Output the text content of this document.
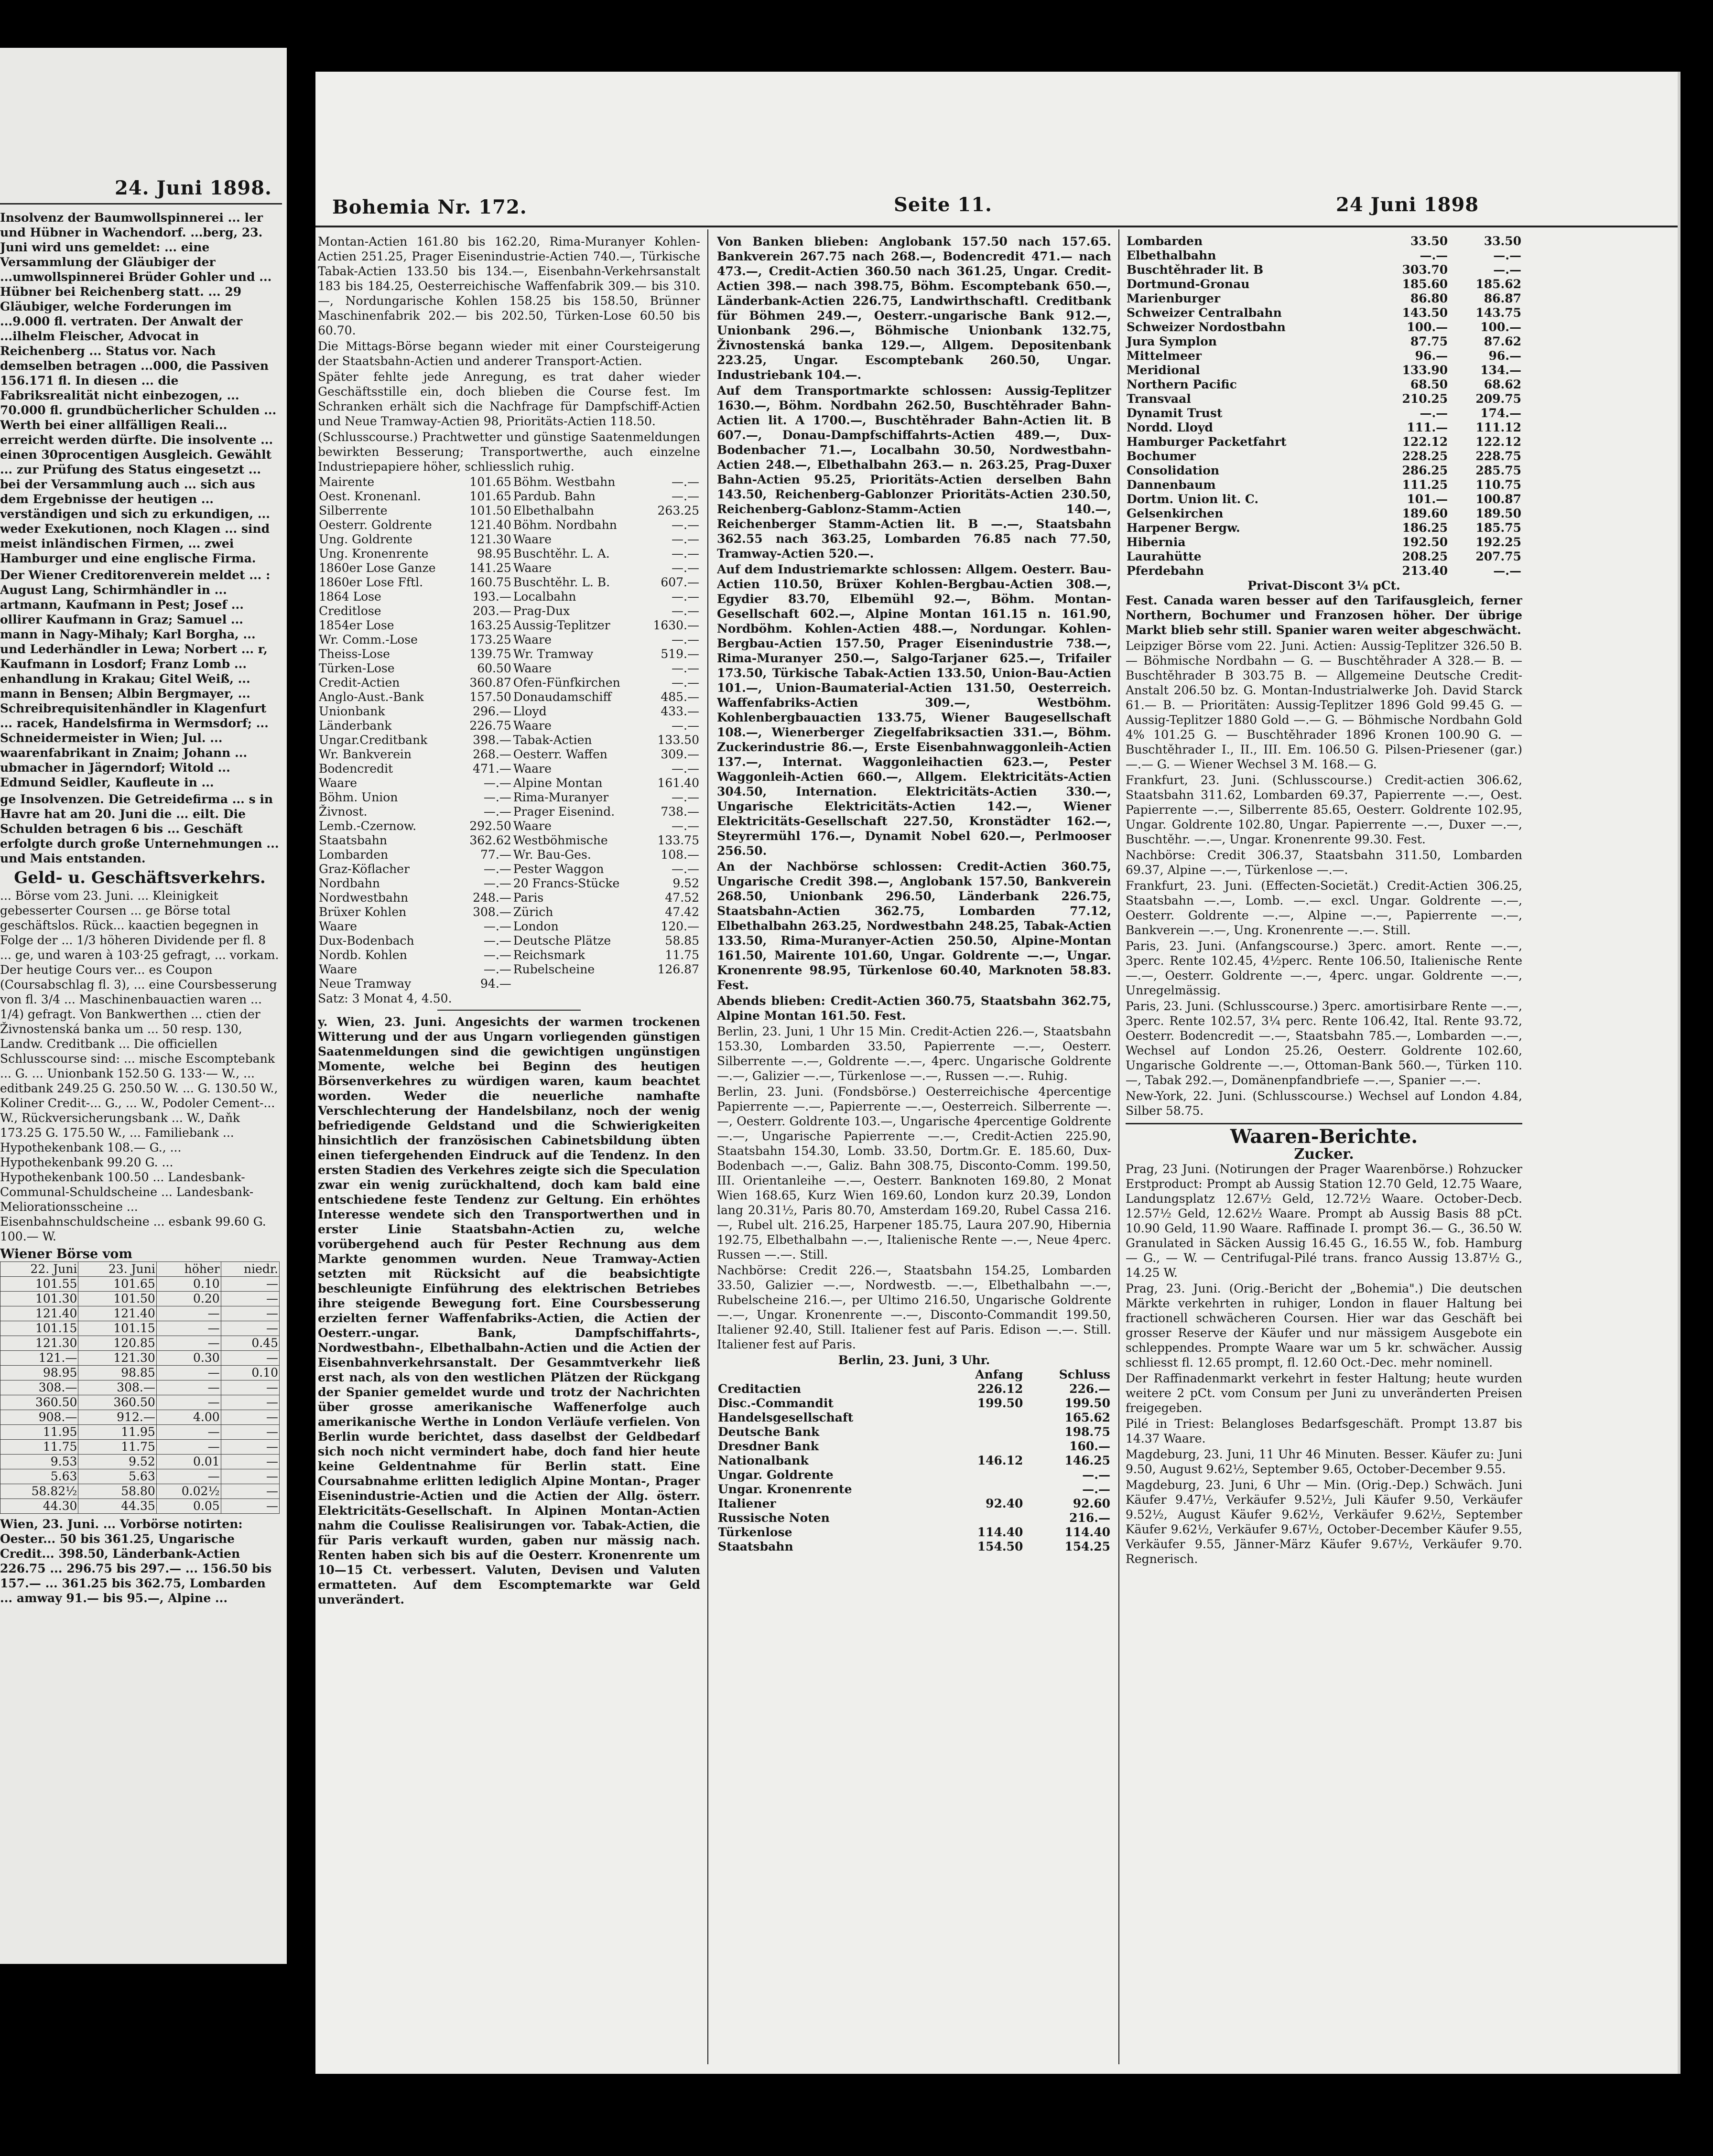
24. Juni 1898.

Insolvenz der Baumwollspinnerei ... ler und Hübner in Wachendorf. ...berg, 23. Juni wird uns gemeldet: ... eine Versammlung der Gläubiger der ...umwollspinnerei Brüder Gohler und ... Hübner bei Reichenberg statt. ... 29 Gläubiger, welche Forderungen im ...9.000 fl. vertraten. Der Anwalt der ...ilhelm Fleischer, Advocat in Reichenberg ... Status vor. Nach demselben betragen ...000, die Passiven 156.171 fl. In diesen ... die Fabriksrealität nicht einbezogen, ... 70.000 fl. grundbücherlicher Schulden ... Werth bei einer allfälligen Reali... erreicht werden dürfte. Die insolvente ... einen 30procentigen Ausgleich. Gewählt ... zur Prüfung des Status eingesetzt ... bei der Versammlung auch ... sich aus dem Ergebnisse der heutigen ... verständigen und sich zu erkundigen, ... weder Exekutionen, noch Klagen ... sind meist inländischen Firmen, ... zwei Hamburger und eine englische Firma.

Der Wiener Creditorenverein meldet ... : August Lang, Schirmhändler in ... artmann, Kaufmann in Pest; Josef ... ollirer Kaufmann in Graz; Samuel ... mann in Nagy-Mihaly; Karl Borgha, ... und Lederhändler in Lewa; Norbert ... r, Kaufmann in Losdorf; Franz Lomb ... enhandlung in Krakau; Gitel Weiß, ... mann in Bensen; Albin Bergmayer, ... Schreibrequisitenhändler in Klagenfurt ... racek, Handelsfirma in Wermsdorf; ... Schneidermeister in Wien; Jul. ... waarenfabrikant in Znaim; Johann ... ubmacher in Jägerndorf; Witold ... Edmund Seidler, Kaufleute in ...

ge Insolvenzen. Die Getreidefirma ... s in Havre hat am 20. Juni die ... eilt. Die Schulden betragen 6 bis ... Geschäft erfolgte durch große Unternehmungen ... und Mais entstanden.

Geld- u. Geschäftsverkehrs.

... Börse vom 23. Juni. ... Kleinigkeit gebesserter Coursen ... ge Börse total geschäftslos. Rück... kaactien begegnen in Folge der ... 1/3 höheren Dividende per fl. 8 ... ge, und waren à 103·25 gefragt, ... vorkam. Der heutige Cours ver... es Coupon (Coursabschlag fl. 3), ... eine Coursbesserung von fl. 3/4 ... Maschinenbauactien waren ... 1/4) gefragt. Von Bankwerthen ... ctien der Živnostenská banka um ... 50 resp. 130, Landw. Creditbank ... Die officiellen Schlusscourse sind: ... mische Escomptebank ... G. ... Unionbank 152.50 G. 133·— W., ... editbank 249.25 G. 250.50 W. ... G. 130.50 W., Koliner Credit-... G., ... W., Podoler Cement-... W., Rückversicherungsbank ... W., Daňk 173.25 G. 175.50 W., ... Familiebank ... Hypothekenbank 108.— G., ... Hypothekenbank 99.20 G. ... Hypothekenbank 100.50 ... Landesbank-Communal-Schuldscheine ... Landesbank-Meliorationsscheine ... Eisenbahnschuldscheine ... esbank 99.60 G. 100.— W.

Wiener Börse vom
22. Juni	23. Juni	höher	niedr.
101.55	101.65	0.10	—
101.30	101.50	0.20	—
121.40	121.40	—	—
101.15	101.15	—	—
121.30	120.85	—	0.45
121.—	121.30	0.30	—
98.95	98.85	—	0.10
308.—	308.—	—	—
360.50	360.50	—	—
908.—	912.—	4.00	—
11.95	11.95	—	—
11.75	11.75	—	—
9.53	9.52	0.01	—
5.63	5.63	—	—
58.82½	58.80	0.02½	—
44.30	44.35	0.05	—

Wien, 23. Juni. ... Vorbörse notirten: Oester... 50 bis 361.25, Ungarische Credit... 398.50, Länderbank-Actien 226.75 ... 296.75 bis 297.— ... 156.50 bis 157.— ... 361.25 bis 362.75, Lombarden ... amway 91.— bis 95.—, Alpine ...

Bohemia Nr. 172.	Seite 11.	24 Juni 1898

Montan-Actien 161.80 bis 162.20, Rima-Muranyer Kohlen-Actien 251.25, Prager Eisenindustrie-Actien 740.—, Türkische Tabak-Actien 133.50 bis 134.—, Eisenbahn-Verkehrsanstalt 183 bis 184.25, Oesterreichische Waffenfabrik 309.— bis 310.—, Nordungarische Kohlen 158.25 bis 158.50, Brünner Maschinenfabrik 202.— bis 202.50, Türken-Lose 60.50 bis 60.70.

Die Mittags-Börse begann wieder mit einer Coursteigerung der Staatsbahn-Actien und anderer Transport-Actien.

Später fehlte jede Anregung, es trat daher wieder Geschäftsstille ein, doch blieben die Course fest. Im Schranken erhält sich die Nachfrage für Dampfschiff-Actien und Neue Tramway-Actien 98, Prioritäts-Actien 118.50.

(Schlusscourse.) Prachtwetter und günstige Saatenmeldungen bewirkten Besserung; Transportwerthe, auch einzelne Industriepapiere höher, schliesslich ruhig.

Mairente	101.65	Böhm. Westbahn	—.—
Oest. Kronenanl.	101.65	Pardub. Bahn	—.—
Silberrente	101.50	Elbethalbahn	263.25
Oesterr. Goldrente	121.40	Böhm. Nordbahn	—.—
Ung. Goldrente	121.30	Waare	—.—
Ung. Kronenrente	98.95	Buschtěhr. L. A.	—.—
1860er Lose Ganze	141.25	Waare	—.—
1860er Lose Fftl.	160.75	Buschtěhr. L. B.	607.—
1864 Lose	193.—	Localbahn	—.—
Creditlose	203.—	Prag-Dux	—.—
1854er Lose	163.25	Aussig-Teplitzer	1630.—
Wr. Comm.-Lose	173.25	Waare	—.—
Theiss-Lose	139.75	Wr. Tramway	519.—
Türken-Lose	60.50	Waare	—.—
Credit-Actien	360.87	Ofen-Fünfkirchen	—.—
Anglo-Aust.-Bank	157.50	Donaudamschiff	485.—
Unionbank	296.—	Lloyd	433.—
Länderbank	226.75	Waare	—.—
Ungar.Creditbank	398.—	Tabak-Actien	133.50
Wr. Bankverein	268.—	Oesterr. Waffen	309.—
Bodencredit	471.—	Waare	—.—
Waare	—.—	Alpine Montan	161.40
Böhm. Union	—.—	Rima-Muranyer	—.—
Živnost.	—.—	Prager Eisenind.	738.—
Lemb.-Czernow.	292.50	Waare	—.—
Staatsbahn	362.62	Westböhmische	133.75
Lombarden	77.—	Wr. Bau-Ges.	108.—
Graz-Köflacher	—.—	Pester Waggon	—.—
Nordbahn	—.—	20 Francs-Stücke	9.52
Nordwestbahn	248.—	Paris	47.52
Brüxer Kohlen	308.—	Zürich	47.42
Waare	—.—	London	120.—
Dux-Bodenbach	—.—	Deutsche Plätze	58.85
Nordb. Kohlen	—.—	Reichsmark	11.75
Waare	—.—	Rubelscheine	126.87
Neue Tramway	94.—		

Satz: 3 Monat 4, 4.50.

y. Wien, 23. Juni. Angesichts der warmen trockenen Witterung und der aus Ungarn vorliegenden günstigen Saatenmeldungen sind die gewichtigen ungünstigen Momente, welche bei Beginn des heutigen Börsenverkehres zu würdigen waren, kaum beachtet worden. Weder die neuerliche namhafte Verschlechterung der Handelsbilanz, noch der wenig befriedigende Geldstand und die Schwierigkeiten hinsichtlich der französischen Cabinetsbildung übten einen tiefergehenden Eindruck auf die Tendenz. In den ersten Stadien des Verkehres zeigte sich die Speculation zwar ein wenig zurückhaltend, doch kam bald eine entschiedene feste Tendenz zur Geltung. Ein erhöhtes Interesse wendete sich den Transportwerthen und in erster Linie Staatsbahn-Actien zu, welche vorübergehend auch für Pester Rechnung aus dem Markte genommen wurden. Neue Tramway-Actien setzten mit Rücksicht auf die beabsichtigte beschleunigte Einführung des elektrischen Betriebes ihre steigende Bewegung fort. Eine Coursbesserung erzielten ferner Waffenfabriks-Actien, die Actien der Oesterr.-ungar. Bank, Dampfschiffahrts-, Nordwestbahn-, Elbethalbahn-Actien und die Actien der Eisenbahnverkehrsanstalt. Der Gesammtverkehr ließ erst nach, als von den westlichen Plätzen der Rückgang der Spanier gemeldet wurde und trotz der Nachrichten über grosse amerikanische Waffenerfolge auch amerikanische Werthe in London Verläufe verfielen. Von Berlin wurde berichtet, dass daselbst der Geldbedarf sich noch nicht vermindert habe, doch fand hier heute keine Geldentnahme für Berlin statt. Eine Coursabnahme erlitten lediglich Alpine Montan-, Prager Eisenindustrie-Actien und die Actien der Allg. österr. Elektricitäts-Gesellschaft. In Alpinen Montan-Actien nahm die Coulisse Realisirungen vor. Tabak-Actien, die für Paris verkauft wurden, gaben nur mässig nach. Renten haben sich bis auf die Oesterr. Kronenrente um 10—15 Ct. verbessert. Valuten, Devisen und Valuten ermatteten. Auf dem Escomptemarkte war Geld unverändert.

Von Banken blieben: Anglobank 157.50 nach 157.65. Bankverein 267.75 nach 268.—, Bodencredit 471.— nach 473.—, Credit-Actien 360.50 nach 361.25, Ungar. Credit-Actien 398.— nach 398.75, Böhm. Escomptebank 650.—, Länderbank-Actien 226.75, Landwirthschaftl. Creditbank für Böhmen 249.—, Oesterr.-ungarische Bank 912.—, Unionbank 296.—, Böhmische Unionbank 132.75, Živnostenská banka 129.—, Allgem. Depositenbank 223.25, Ungar. Escomptebank 260.50, Ungar. Industriebank 104.—.

Auf dem Transportmarkte schlossen: Aussig-Teplitzer 1630.—, Böhm. Nordbahn 262.50, Buschtěhrader Bahn-Actien lit. A 1700.—, Buschtěhrader Bahn-Actien lit. B 607.—, Donau-Dampfschiffahrts-Actien 489.—, Dux-Bodenbacher 71.—, Localbahn 30.50, Nordwestbahn-Actien 248.—, Elbethalbahn 263.— n. 263.25, Prag-Duxer Bahn-Actien 95.25, Prioritäts-Actien derselben Bahn 143.50, Reichenberg-Gablonzer Prioritäts-Actien 230.50, Reichenberg-Gablonz-Stamm-Actien 140.—, Reichenberger Stamm-Actien lit. B —.—, Staatsbahn 362.55 nach 363.25, Lombarden 76.85 nach 77.50, Tramway-Actien 520.—.

Auf dem Industriemarkte schlossen: Allgem. Oesterr. Bau-Actien 110.50, Brüxer Kohlen-Bergbau-Actien 308.—, Egydier 83.70, Elbemühl 92.—, Böhm. Montan-Gesellschaft 602.—, Alpine Montan 161.15 n. 161.90, Nordböhm. Kohlen-Actien 488.—, Nordungar. Kohlen-Bergbau-Actien 157.50, Prager Eisenindustrie 738.—, Rima-Muranyer 250.—, Salgo-Tarjaner 625.—, Trifailer 173.50, Türkische Tabak-Actien 133.50, Union-Bau-Actien 101.—, Union-Baumaterial-Actien 131.50, Oesterreich. Waffenfabriks-Actien 309.—, Westböhm. Kohlenbergbauactien 133.75, Wiener Baugesellschaft 108.—, Wienerberger Ziegelfabriksactien 331.—, Böhm. Zuckerindustrie 86.—, Erste Eisenbahnwaggonleih-Actien 137.—, Internat. Waggonleihactien 623.—, Pester Waggonleih-Actien 660.—, Allgem. Elektricitäts-Actien 304.50, Internation. Elektricitäts-Actien 330.—, Ungarische Elektricitäts-Actien 142.—, Wiener Elektricitäts-Gesellschaft 227.50, Kronstädter 162.—, Steyrermühl 176.—, Dynamit Nobel 620.—, Perlmooser 256.50.

An der Nachbörse schlossen: Credit-Actien 360.75, Ungarische Credit 398.—, Anglobank 157.50, Bankverein 268.50, Unionbank 296.50, Länderbank 226.75, Staatsbahn-Actien 362.75, Lombarden 77.12, Elbethalbahn 263.25, Nordwestbahn 248.25, Tabak-Actien 133.50, Rima-Muranyer-Actien 250.50, Alpine-Montan 161.50, Mairente 101.60, Ungar. Goldrente —.—, Ungar. Kronenrente 98.95, Türkenlose 60.40, Marknoten 58.83. Fest.

Abends blieben: Credit-Actien 360.75, Staatsbahn 362.75, Alpine Montan 161.50. Fest.

Berlin, 23. Juni, 1 Uhr 15 Min. Credit-Actien 226.—, Staatsbahn 153.30, Lombarden 33.50, Papierrente —.—, Oesterr. Silberrente —.—, Goldrente —.—, 4perc. Ungarische Goldrente —.—, Galizier —.—, Türkenlose —.—, Russen —.—. Ruhig.

Berlin, 23. Juni. (Fondsbörse.) Oesterreichische 4percentige Papierrente —.—, Papierrente —.—, Oesterreich. Silberrente —.—, Oesterr. Goldrente 103.—, Ungarische 4percentige Goldrente —.—, Ungarische Papierrente —.—, Credit-Actien 225.90, Staatsbahn 154.30, Lomb. 33.50, Dortm.Gr. E. 185.60, Dux-Bodenbach —.—, Galiz. Bahn 308.75, Disconto-Comm. 199.50, III. Orientanleihe —.—, Oesterr. Banknoten 169.80, 2 Monat Wien 168.65, Kurz Wien 169.60, London kurz 20.39, London lang 20.31½, Paris 80.70, Amsterdam 169.20, Rubel Cassa 216.—, Rubel ult. 216.25, Harpener 185.75, Laura 207.90, Hibernia 192.75, Elbethalbahn —.—, Italienische Rente —.—, Neue 4perc. Russen —.—. Still.

Nachbörse: Credit 226.—, Staatsbahn 154.25, Lombarden 33.50, Galizier —.—, Nordwestb. —.—, Elbethalbahn —.—, Rubelscheine 216.—, per Ultimo 216.50, Ungarische Goldrente —.—, Ungar. Kronenrente —.—, Disconto-Commandit 199.50, Italiener 92.40, Still. Italiener fest auf Paris. Edison —.—. Still. Italiener fest auf Paris.

Berlin, 23. Juni, 3 Uhr.
	Anfang	Schluss
Creditactien	226.12	226.—
Disc.-Commandit	199.50	199.50
Handelsgesellschaft		165.62
Deutsche Bank		198.75
Dresdner Bank		160.—
Nationalbank	146.12	146.25
Ungar. Goldrente		—.—
Ungar. Kronenrente		—.—
Italiener	92.40	92.60
Russische Noten		216.—
Türkenlose	114.40	114.40
Staatsbahn	154.50	154.25
Lombarden	33.50	33.50
Elbethalbahn	—.—	—.—
Buschtěhrader lit. B	303.70	—.—
Dortmund-Gronau	185.60	185.62
Marienburger	86.80	86.87
Schweizer Centralbahn	143.50	143.75
Schweizer Nordostbahn	100.—	100.—
Jura Symplon	87.75	87.62
Mittelmeer	96.—	96.—
Meridional	133.90	134.—
Northern Pacific	68.50	68.62
Transvaal	210.25	209.75
Dynamit Trust	—.—	174.—
Nordd. Lloyd	111.—	111.12
Hamburger Packetfahrt	122.12	122.12
Bochumer	228.25	228.75
Consolidation	286.25	285.75
Dannenbaum	111.25	110.75
Dortm. Union lit. C.	101.—	100.87
Gelsenkirchen	189.60	189.50
Harpener Bergw.	186.25	185.75
Hibernia	192.50	192.25
Laurahütte	208.25	207.75
Pferdebahn	213.40	—.—
Privat-Discont 3¼ pCt.

Fest. Canada waren besser auf den Tarifausgleich, ferner Northern, Bochumer und Franzosen höher. Der übrige Markt blieb sehr still. Spanier waren weiter abgeschwächt.

Leipziger Börse vom 22. Juni. Actien: Aussig-Teplitzer 326.50 B. — Böhmische Nordbahn — G. — Buschtěhrader A 328.— B. — Buschtěhrader B 303.75 B. — Allgemeine Deutsche Credit-Anstalt 206.50 bz. G. Montan-Industrialwerke Joh. David Starck 61.— B. — Prioritäten: Aussig-Teplitzer 1896 Gold 99.45 G. — Aussig-Teplitzer 1880 Gold —.— G. — Böhmische Nordbahn Gold 4% 101.25 G. — Buschtěhrader 1896 Kronen 100.90 G. — Buschtěhrader I., II., III. Em. 106.50 G. Pilsen-Priesener (gar.) —.— G. — Wiener Wechsel 3 M. 168.— G.

Frankfurt, 23. Juni. (Schlusscourse.) Credit-actien 306.62, Staatsbahn 311.62, Lombarden 69.37, Papierrente —.—, Oest. Papierrente —.—, Silberrente 85.65, Oesterr. Goldrente 102.95, Ungar. Goldrente 102.80, Ungar. Papierrente —.—, Duxer —.—, Buschtěhr. —.—, Ungar. Kronenrente 99.30. Fest.

Nachbörse: Credit 306.37, Staatsbahn 311.50, Lombarden 69.37, Alpine —.—, Türkenlose —.—.

Frankfurt, 23. Juni. (Effecten-Societät.) Credit-Actien 306.25, Staatsbahn —.—, Lomb. —.— excl. Ungar. Goldrente —.—, Oesterr. Goldrente —.—, Alpine —.—, Papierrente —.—, Bankverein —.—, Ung. Kronenrente —.—. Still.

Paris, 23. Juni. (Anfangscourse.) 3perc. amort. Rente —.—, 3perc. Rente 102.45, 4½perc. Rente 106.50, Italienische Rente —.—, Oesterr. Goldrente —.—, 4perc. ungar. Goldrente —.—, Unregelmässig.

Paris, 23. Juni. (Schlusscourse.) 3perc. amortisirbare Rente —.—, 3perc. Rente 102.57, 3¼ perc. Rente 106.42, Ital. Rente 93.72, Oesterr. Bodencredit —.—, Staatsbahn 785.—, Lombarden —.—, Wechsel auf London 25.26, Oesterr. Goldrente 102.60, Ungarische Goldrente —.—, Ottoman-Bank 560.—, Türken 110.—, Tabak 292.—, Domänenpfandbriefe —.—, Spanier —.—.

New-York, 22. Juni. (Schlusscourse.) Wechsel auf London 4.84, Silber 58.75.

Waaren-Berichte.
Zucker.

Prag, 23 Juni. (Notirungen der Prager Waarenbörse.) Rohzucker Erstproduct: Prompt ab Aussig Station 12.70 Geld, 12.75 Waare, Landungsplatz 12.67½ Geld, 12.72½ Waare. October-Decb. 12.57½ Geld, 12.62½ Waare. Prompt ab Aussig Basis 88 pCt. 10.90 Geld, 11.90 Waare. Raffinade I. prompt 36.— G., 36.50 W. Granulated in Säcken Aussig 16.45 G., 16.55 W., fob. Hamburg — G., — W. — Centrifugal-Pilé trans. franco Aussig 13.87½ G., 14.25 W.

Prag, 23. Juni. (Orig.-Bericht der „Bohemia".) Die deutschen Märkte verkehrten in ruhiger, London in flauer Haltung bei fractionell schwächeren Coursen. Hier war das Geschäft bei grosser Reserve der Käufer und nur mässigem Ausgebote ein schleppendes. Prompte Waare war um 5 kr. schwächer. Aussig schliesst fl. 12.65 prompt, fl. 12.60 Oct.-Dec. mehr nominell.

Der Raffinadenmarkt verkehrt in fester Haltung; heute wurden weitere 2 pCt. vom Consum per Juni zu unveränderten Preisen freigegeben.

Pilé in Triest: Belangloses Bedarfsgeschäft. Prompt 13.87 bis 14.37 Waare.

Magdeburg, 23. Juni, 11 Uhr 46 Minuten. Besser. Käufer zu: Juni 9.50, August 9.62½, September 9.65, October-December 9.55.

Magdeburg, 23. Juni, 6 Uhr — Min. (Orig.-Dep.) Schwäch. Juni Käufer 9.47½, Verkäufer 9.52½, Juli Käufer 9.50, Verkäufer 9.52½, August Käufer 9.62½, Verkäufer 9.62½, September Käufer 9.62½, Verkäufer 9.67½, October-December Käufer 9.55, Verkäufer 9.55, Jänner-März Käufer 9.67½, Verkäufer 9.70. Regnerisch.
